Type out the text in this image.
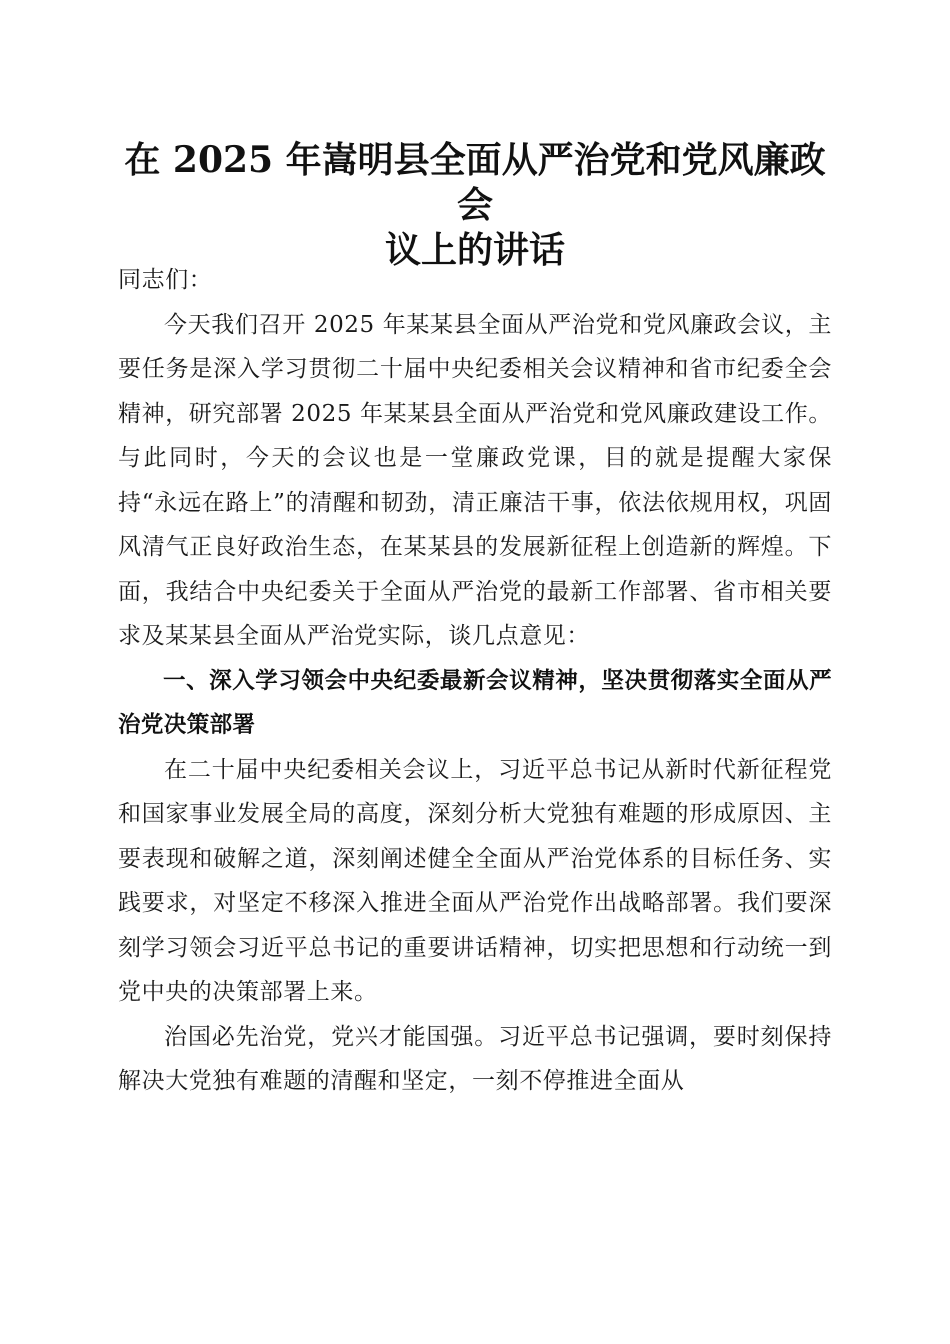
在 2025 年嵩明县全面从严治党和党风廉政会
议上的讲话

同志们：

今天我们召开 2025 年某某县全面从严治党和党风廉政会议，主要任务是深入学习贯彻二十届中央纪委相关会议精神和省市纪委全会精神，研究部署 2025 年某某县全面从严治党和党风廉政建设工作。与此同时，今天的会议也是一堂廉政党课，目的就是提醒大家保持“永远在路上”的清醒和韧劲，清正廉洁干事，依法依规用权，巩固风清气正良好政治生态，在某某县的发展新征程上创造新的辉煌。下面，我结合中央纪委关于全面从严治党的最新工作部署、省市相关要求及某某县全面从严治党实际，谈几点意见：

一、深入学习领会中央纪委最新会议精神，坚决贯彻落实全面从严治党决策部署

在二十届中央纪委相关会议上，习近平总书记从新时代新征程党和国家事业发展全局的高度，深刻分析大党独有难题的形成原因、主要表现和破解之道，深刻阐述健全全面从严治党体系的目标任务、实践要求，对坚定不移深入推进全面从严治党作出战略部署。我们要深刻学习领会习近平总书记的重要讲话精神，切实把思想和行动统一到党中央的决策部署上来。

治国必先治党，党兴才能国强。习近平总书记强调，要时刻保持解决大党独有难题的清醒和坚定，一刻不停推进全面从
